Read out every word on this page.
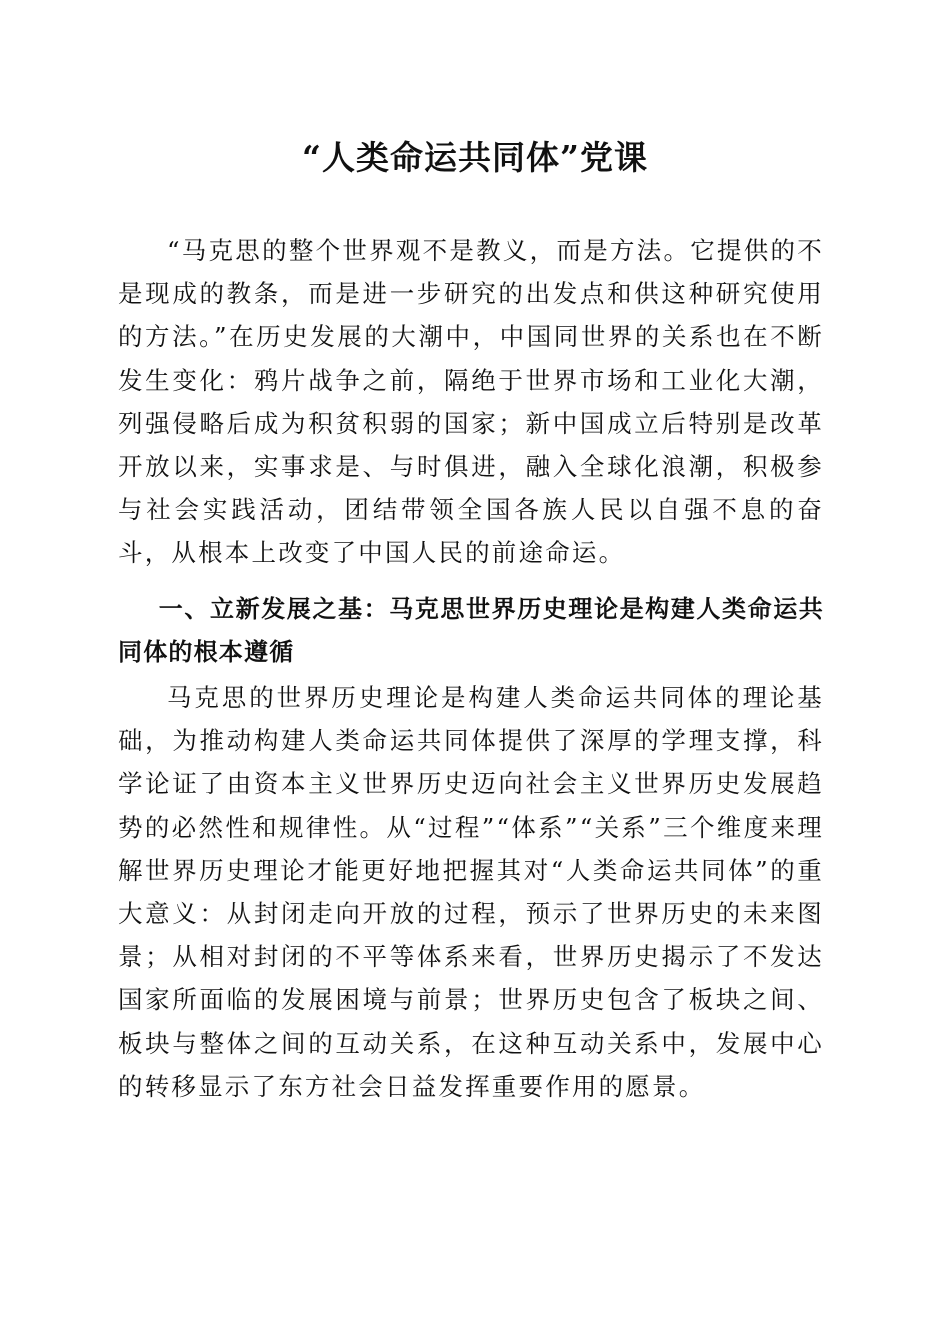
“人类命运共同体”党课

“马克思的整个世界观不是教义，而是方法。它提供的不是现成的教条，而是进一步研究的出发点和供这种研究使用的方法。”在历史发展的大潮中，中国同世界的关系也在不断发生变化：鸦片战争之前，隔绝于世界市场和工业化大潮，列强侵略后成为积贫积弱的国家；新中国成立后特别是改革开放以来，实事求是、与时俱进，融入全球化浪潮，积极参与社会实践活动，团结带领全国各族人民以自强不息的奋斗，从根本上改变了中国人民的前途命运。

一、立新发展之基：马克思世界历史理论是构建人类命运共同体的根本遵循

马克思的世界历史理论是构建人类命运共同体的理论基础，为推动构建人类命运共同体提供了深厚的学理支撑，科学论证了由资本主义世界历史迈向社会主义世界历史发展趋势的必然性和规律性。从“过程”“体系”“关系”三个维度来理解世界历史理论才能更好地把握其对“人类命运共同体”的重大意义：从封闭走向开放的过程，预示了世界历史的未来图景；从相对封闭的不平等体系来看，世界历史揭示了不发达国家所面临的发展困境与前景；世界历史包含了板块之间、板块与整体之间的互动关系，在这种互动关系中，发展中心的转移显示了东方社会日益发挥重要作用的愿景。
